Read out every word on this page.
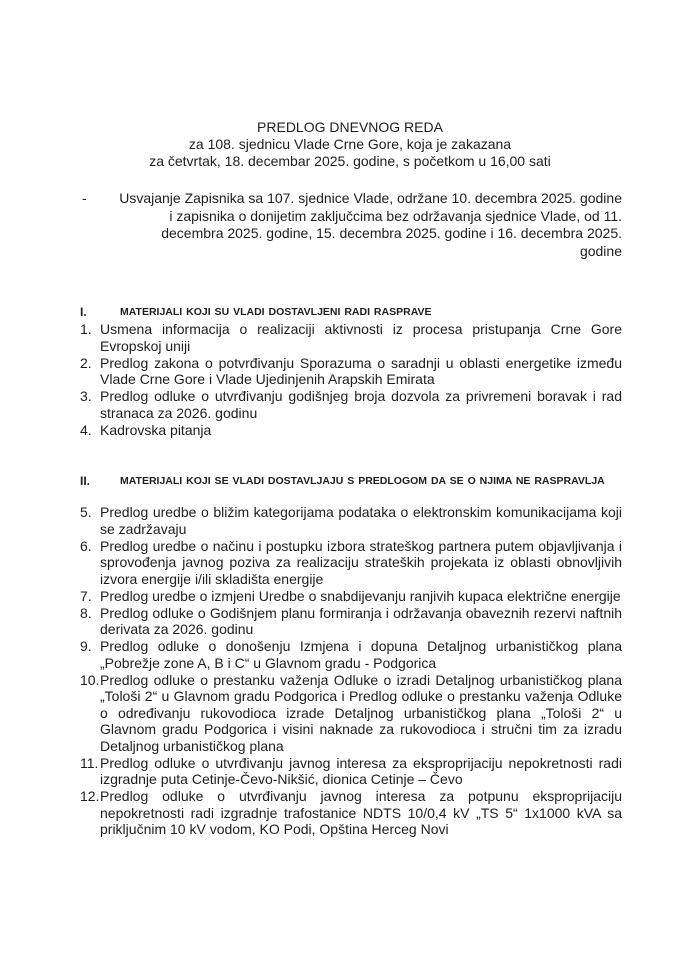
PREDLOG DNEVNOG REDA
za 108. sjednicu Vlade Crne Gore, koja je zakazana
za četvrtak, 18. decembar 2025. godine, s početkom u 16,00 sati
-	Usvajanje Zapisnika sa 107. sjednice Vlade, održane 10. decembra 2025. godine
i zapisnika o donijetim zaključcima bez održavanja sjednice Vlade, od 11.
decembra 2025. godine, 15. decembra 2025. godine i 16. decembra 2025.
godine
I.	MATERIJALI KOJI SU VLADI DOSTAVLJENI RADI RASPRAVE
1. Usmena informacija o realizaciji aktivnosti iz procesa pristupanja Crne Gore Evropskoj uniji
2. Predlog zakona o potvrđivanju Sporazuma o saradnji u oblasti energetike između Vlade Crne Gore i Vlade Ujedinjenih Arapskih Emirata
3. Predlog odluke o utvrđivanju godišnjeg broja dozvola za privremeni boravak i rad stranaca za 2026. godinu
4. Kadrovska pitanja
II.	MATERIJALI KOJI SE VLADI DOSTAVLJAJU S PREDLOGOM DA SE O NJIMA NE RASPRAVLJA
5. Predlog uredbe o bližim kategorijama podataka o elektronskim komunikacijama koji se zadržavaju
6. Predlog uredbe o načinu i postupku izbora strateškog partnera putem objavljivanja i sprovođenja javnog poziva za realizaciju strateških projekata iz oblasti obnovljivih izvora energije i/ili skladišta energije
7. Predlog uredbe o izmjeni Uredbe o snabdijevanju ranjivih kupaca električne energije
8. Predlog odluke o Godišnjem planu formiranja i održavanja obaveznih rezervi naftnih derivata za 2026. godinu
9. Predlog odluke o donošenju Izmjena i dopuna Detaljnog urbanističkog plana „Pobrežje zone A, B i C“ u Glavnom gradu - Podgorica
10. Predlog odluke o prestanku važenja Odluke o izradi Detaljnog urbanističkog plana „Tološi 2“ u Glavnom gradu Podgorica i Predlog odluke o prestanku važenja Odluke o određivanju rukovodioca izrade Detaljnog urbanističkog plana „Tološi 2“ u Glavnom gradu Podgorica i visini naknade za rukovodioca i stručni tim za izradu Detaljnog urbanističkog plana
11. Predlog odluke o utvrđivanju javnog interesa za eksproprijaciju nepokretnosti radi izgradnje puta Cetinje-Čevo-Nikšić, dionica Cetinje – Čevo
12. Predlog odluke o utvrđivanju javnog interesa za potpunu eksproprijaciju nepokretnosti radi izgradnje trafostanice NDTS 10/0,4 kV „TS 5“ 1x1000 kVA sa priključnim 10 kV vodom, KO Podi, Opština Herceg Novi
